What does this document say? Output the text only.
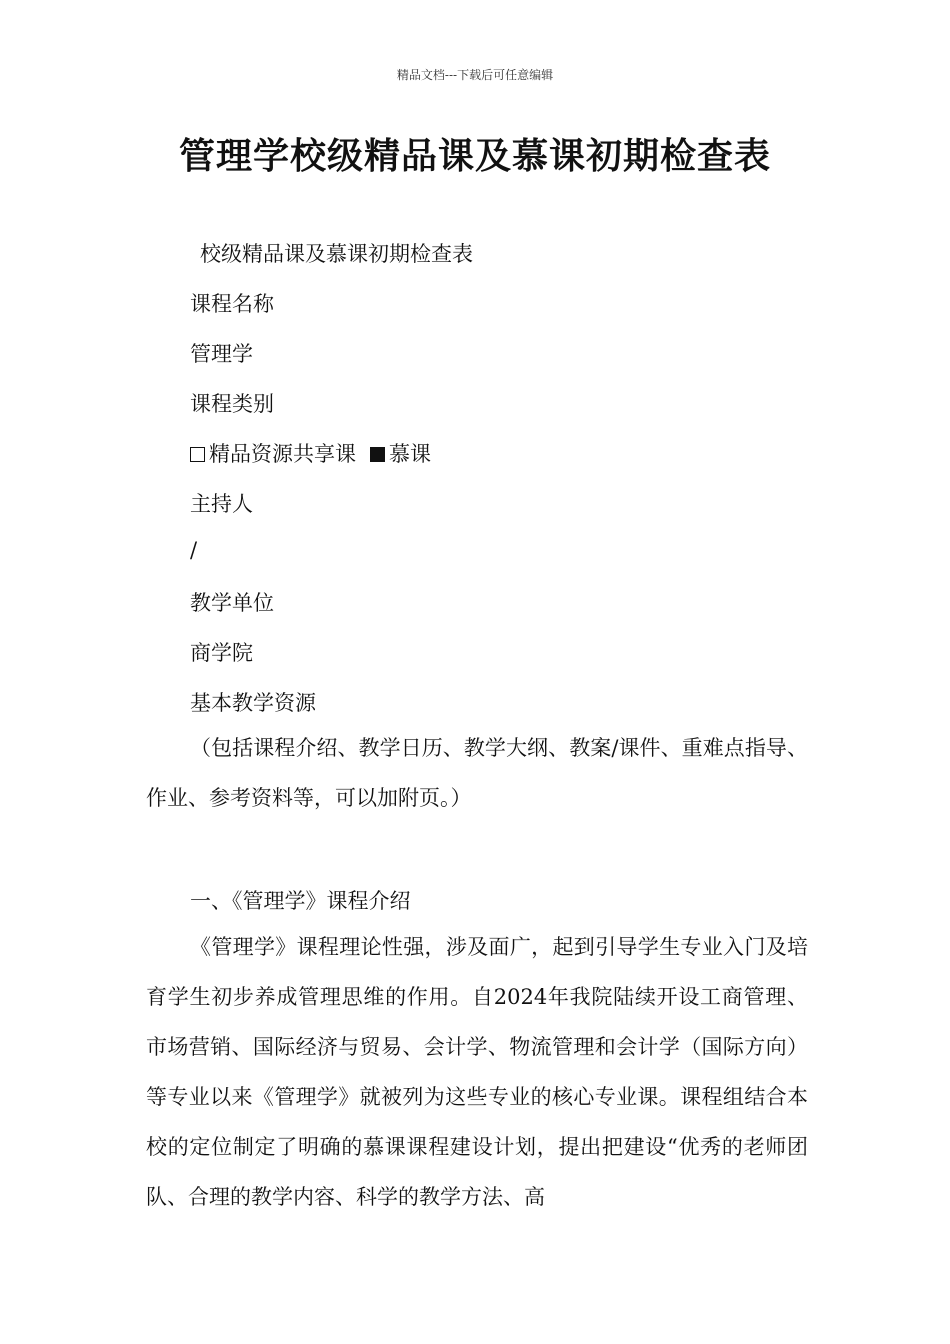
精品文档---下载后可任意编辑
管理学校级精品课及慕课初期检查表
校级精品课及慕课初期检查表
课程名称
管理学
课程类别
精品资源共享课 慕课
主持人
/
教学单位
商学院
基本教学资源
（包括课程介绍、教学日历、教学大纲、教案/课件、重难点指导、作业、参考资料等，可以加附页。）
一、《管理学》课程介绍
《管理学》课程理论性强，涉及面广，起到引导学生专业入门及培育学生初步养成管理思维的作用。自2024年我院陆续开设工商管理、市场营销、国际经济与贸易、会计学、物流管理和会计学（国际方向）等专业以来《管理学》就被列为这些专业的核心专业课。课程组结合本校的定位制定了明确的慕课课程建设计划，提出把建设“优秀的老师团队、合理的教学内容、科学的教学方法、高
